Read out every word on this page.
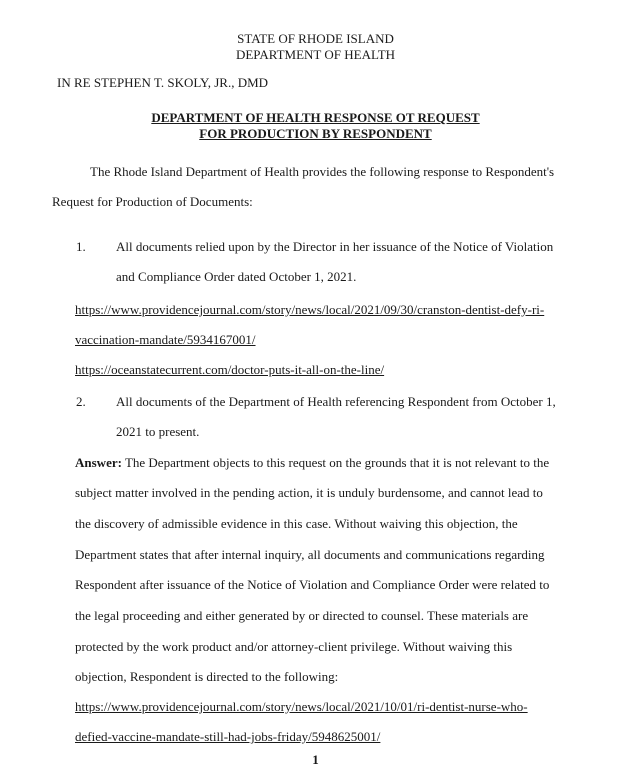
STATE OF RHODE ISLAND
DEPARTMENT OF HEALTH
IN RE STEPHEN T. SKOLY, JR., DMD
DEPARTMENT OF HEALTH RESPONSE OT REQUEST
FOR PRODUCTION BY RESPONDENT
The Rhode Island Department of Health provides the following response to Respondent's
Request for Production of Documents:
1. All documents relied upon by the Director in her issuance of the Notice of Violation
and Compliance Order dated October 1, 2021.
https://www.providencejournal.com/story/news/local/2021/09/30/cranston-dentist-defy-ri-
vaccination-mandate/5934167001/
https://oceanstatecurrent.com/doctor-puts-it-all-on-the-line/
2. All documents of the Department of Health referencing Respondent from October 1,
2021 to present.
Answer: The Department objects to this request on the grounds that it is not relevant to the
subject matter involved in the pending action, it is unduly burdensome, and cannot lead to
the discovery of admissible evidence in this case. Without waiving this objection, the
Department states that after internal inquiry, all documents and communications regarding
Respondent after issuance of the Notice of Violation and Compliance Order were related to
the legal proceeding and either generated by or directed to counsel. These materials are
protected by the work product and/or attorney-client privilege. Without waiving this
objection, Respondent is directed to the following:
https://www.providencejournal.com/story/news/local/2021/10/01/ri-dentist-nurse-who-
defied-vaccine-mandate-still-had-jobs-friday/5948625001/
1
